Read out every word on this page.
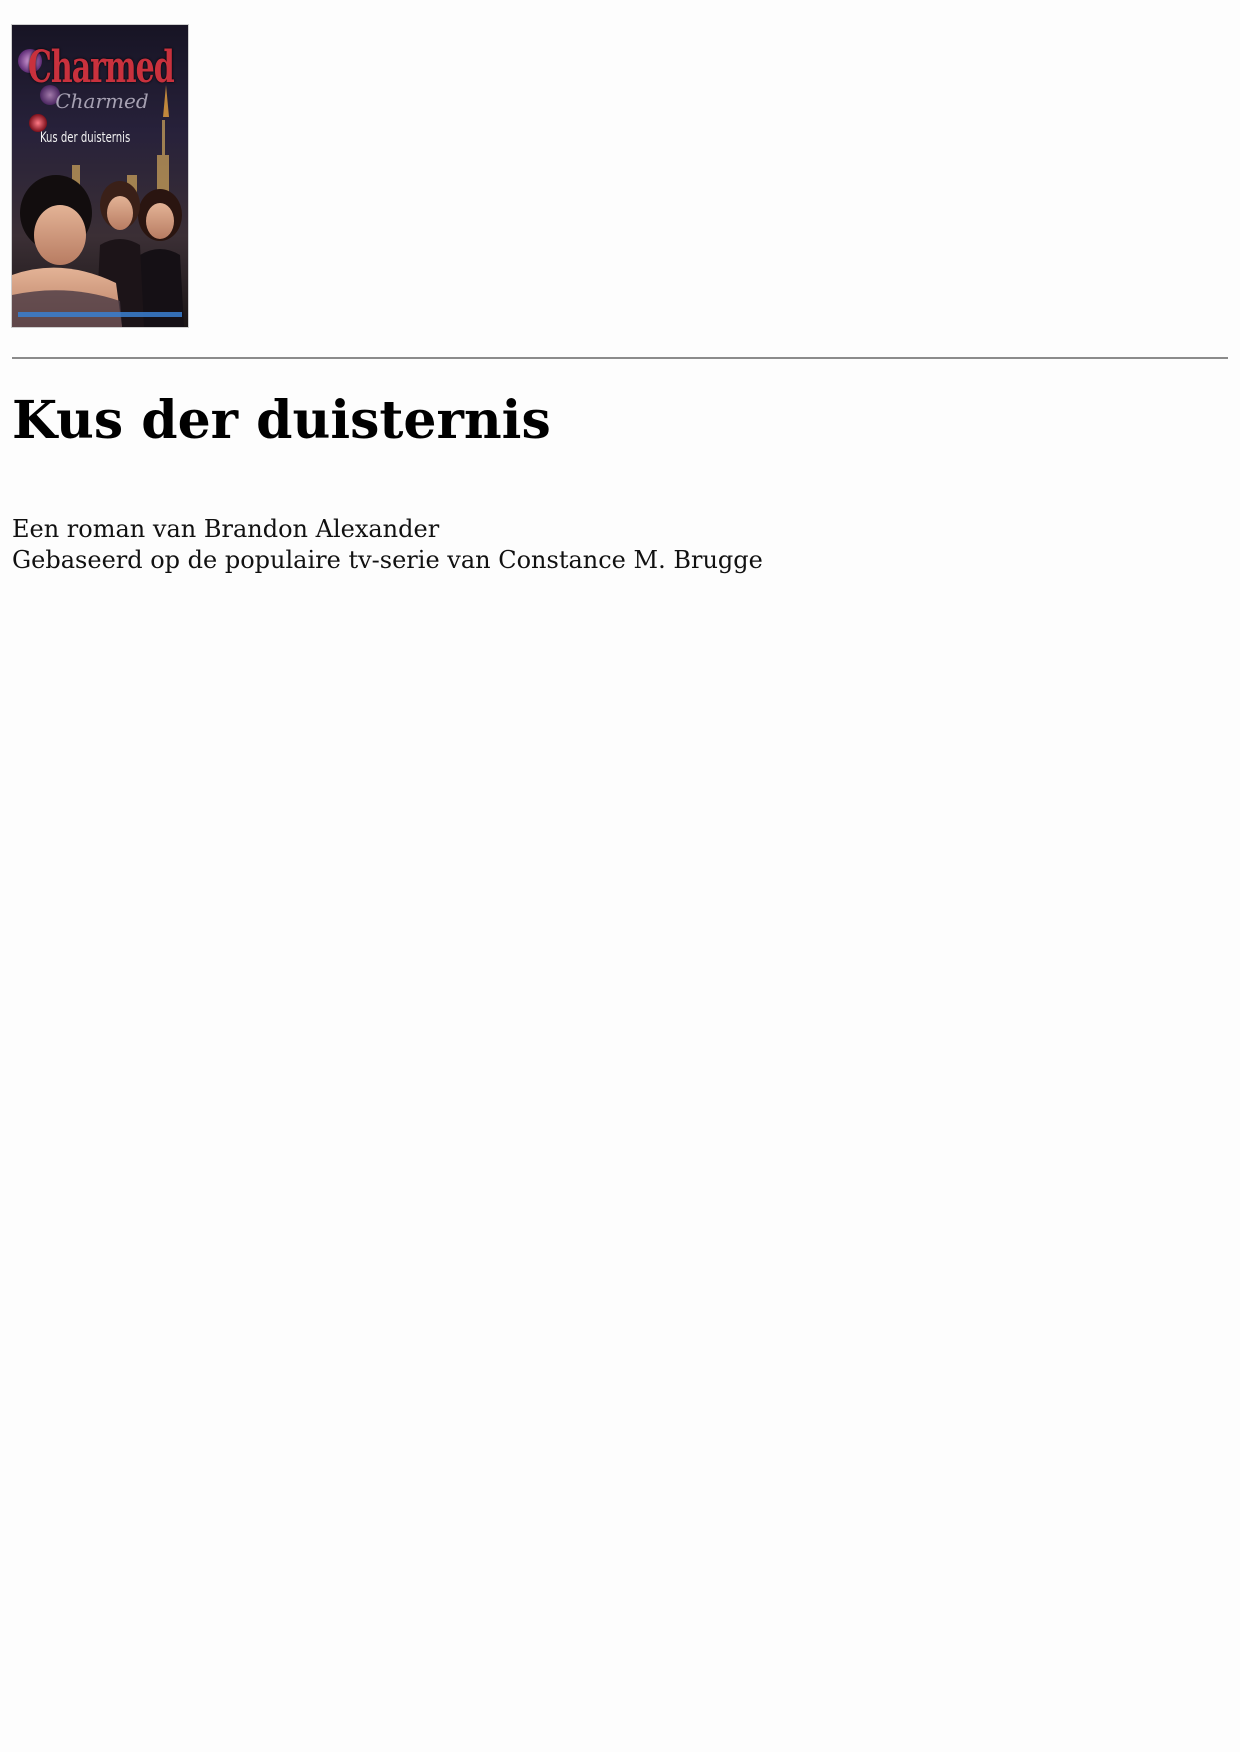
Charmed
Charmed
Kus der duisternis
Kus der duisternis
Een roman van Brandon Alexander
Gebaseerd op de populaire tv-serie van Constance M. Brugge
